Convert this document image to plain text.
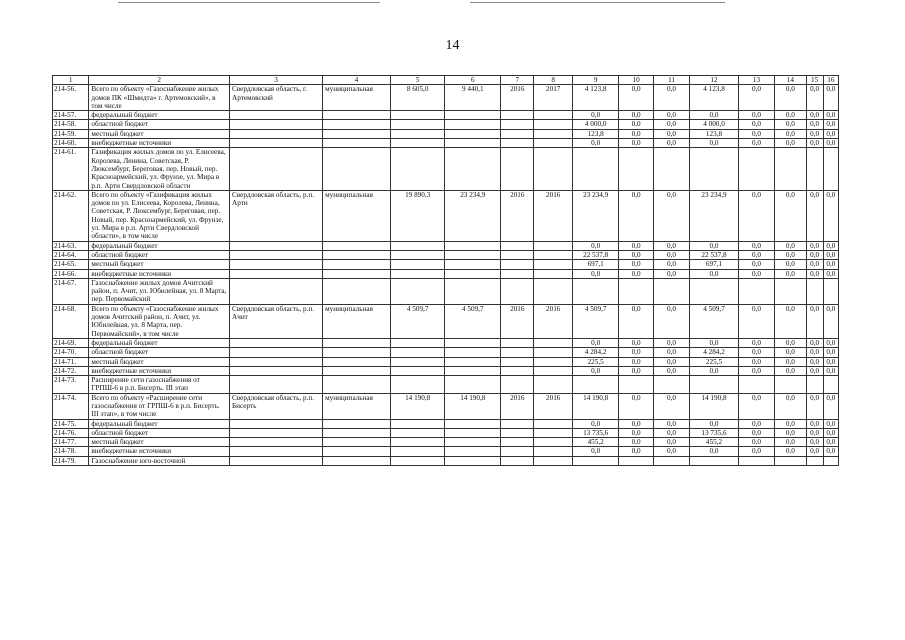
14
1	2	3	4	5	6	7	8	9	10	11	12	13	14	15	16
214-56.	Всего по объекту «Газоснабжение жилых домов ПК «Шмидта» г. Артемовский», в том числе	Свердловская область, г. Артемовский	муниципальная	8 605,0	9 440,1	2016	2017	4 123,8	0,0	0,0	4 123,8	0,0	0,0	0,0	0,0
214-57.	федеральный бюджет							0,0	0,0	0,0	0,0	0,0	0,0	0,0	0,0
214-58.	областной бюджет							4 000,0	0,0	0,0	4 000,0	0,0	0,0	0,0	0,0
214-59.	местный бюджет							123,8	0,0	0,0	123,8	0,0	0,0	0,0	0,0
214-60.	внебюджетные источники							0,0	0,0	0,0	0,0	0,0	0,0	0,0	0,0
214-61.	Газификация жилых домов по ул. Елисеева, Королева, Ленина, Советская, Р. Люксембург, Береговая, пер. Новый, пер. Красноармейский, ул. Фрунзе, ул. Мира в р.п. Арти Свердловской области														
214-62.	Всего по объекту «Газификация жилых домов по ул. Елисеева, Королева, Ленина, Советская, Р. Люксембург, Береговая, пер. Новый, пер. Красноармейский, ул. Фрунзе, ул. Мира в р.п. Арти Свердловской области», в том числе	Свердловская область, р.п. Арти	муниципальная	19 890,3	23 234,9	2016	2016	23 234,9	0,0	0,0	23 234,9	0,0	0,0	0,0	0,0
214-63.	федеральный бюджет							0,0	0,0	0,0	0,0	0,0	0,0	0,0	0,0
214-64.	областной бюджет							22 537,8	0,0	0,0	22 537,8	0,0	0,0	0,0	0,0
214-65.	местный бюджет							697,1	0,0	0,0	697,1	0,0	0,0	0,0	0,0
214-66.	внебюджетные источники							0,0	0,0	0,0	0,0	0,0	0,0	0,0	0,0
214-67.	Газоснабжение жилых домов Ачитский район, п. Ачит, ул. Юбилейная, ул. 8 Марта, пер. Первомайский														
214-68.	Всего по объекту «Газоснабжение жилых домов Ачитский район, п. Ачит, ул. Юбилейная, ул. 8 Марта, пер. Первомайский», в том числе	Свердловская область, р.п. Ачит	муниципальная	4 509,7	4 509,7	2016	2016	4 509,7	0,0	0,0	4 509,7	0,0	0,0	0,0	0,0
214-69.	федеральный бюджет							0,0	0,0	0,0	0,0	0,0	0,0	0,0	0,0
214-70.	областной бюджет							4 284,2	0,0	0,0	4 284,2	0,0	0,0	0,0	0,0
214-71.	местный бюджет							225,5	0,0	0,0	225,5	0,0	0,0	0,0	0,0
214-72.	внебюджетные источники							0,0	0,0	0,0	0,0	0,0	0,0	0,0	0,0
214-73.	Расширение сети газоснабжения от ГРПШ-6 в р.п. Бисерть. III этап														
214-74.	Всего по объекту «Расширение сети газоснабжения от ГРПШ-6 в р.п. Бисерть. III этап», в том числе	Свердловская область, р.п. Бисерть	муниципальная	14 190,8	14 190,8	2016	2016	14 190,8	0,0	0,0	14 190,8	0,0	0,0	0,0	0,0
214-75.	федеральный бюджет							0,0	0,0	0,0	0,0	0,0	0,0	0,0	0,0
214-76.	областной бюджет							13 735,6	0,0	0,0	13 735,6	0,0	0,0	0,0	0,0
214-77.	местный бюджет							455,2	0,0	0,0	455,2	0,0	0,0	0,0	0,0
214-78.	внебюджетные источники							0,0	0,0	0,0	0,0	0,0	0,0	0,0	0,0
214-79.	Газоснабжение юго-восточной														
